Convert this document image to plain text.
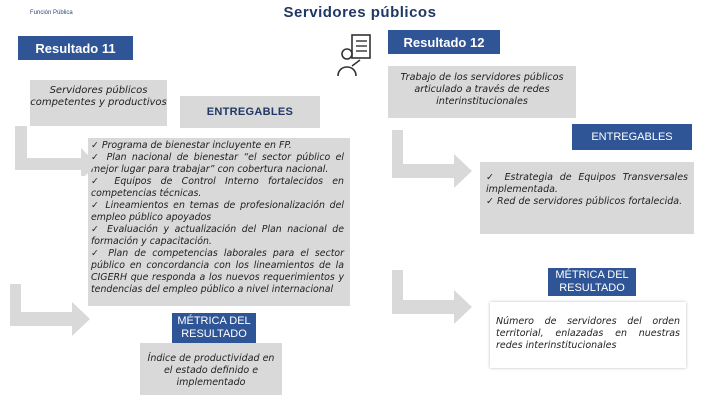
Función Pública	Servidores públicos
Resultado 11
Servidores públicos competentes y productivos
ENTREGABLES

✓ Programa de bienestar incluyente en FP.

✓ Plan nacional de bienestar “el sector público el mejor lugar para trabajar” con cobertura nacional.

✓ Equipos de Control Interno fortalecidos en competencias técnicas.

✓ Lineamientos en temas de profesionalización del empleo público apoyados

✓ Evaluación y actualización del Plan nacional de formación y capacitación.

✓ Plan de competencias laborales para el sector público en concordancia con los lineamientos de la CIGERH que responda a los nuevos requerimientos y tendencias del empleo público a nivel internacional

MÉTRICA DEL RESULTADO
Índice de productividad en el estado definido e implementado
Resultado 12
Trabajo de los servidores públicos articulado a través de redes interinstitucionales
ENTREGABLES

✓ Estrategia de Equipos Transversales implementada.

✓ Red de servidores públicos fortalecida.

MÉTRICA DEL RESULTADO
Número de servidores del orden territorial, enlazadas en nuestras redes interinstitucionales
